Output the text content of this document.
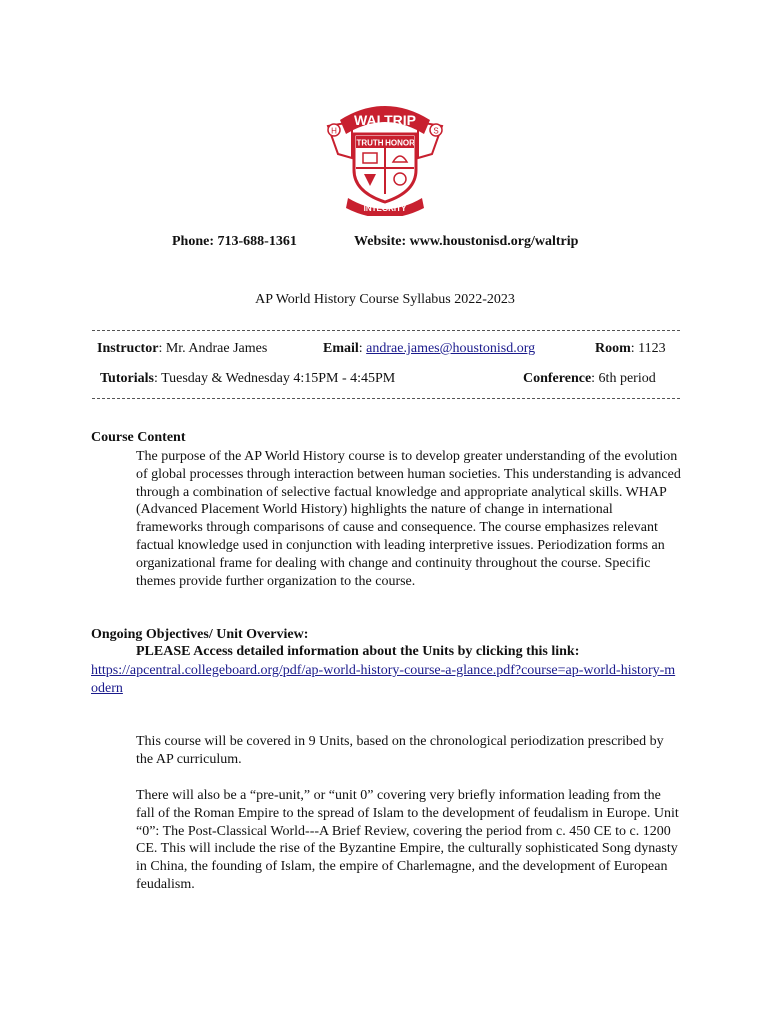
WALTRIP
H	S
TRUTH HONOR
INTEGRITY
Phone: 713-688-1361	Website: www.houstonisd.org/waltrip
AP World History Course Syllabus 2022-2023
Instructor: Mr. Andrae James	Email: andrae.james@houstonisd.org	Room: 1123
Tutorials: Tuesday & Wednesday 4:15PM - 4:45PM	Conference: 6th period
Course Content
The purpose of the AP World History course is to develop greater understanding of the evolution of global processes through interaction between human societies. This understanding is advanced through a combination of selective factual knowledge and appropriate analytical skills. WHAP (Advanced Placement World History) highlights the nature of change in international frameworks through comparisons of cause and consequence. The course emphasizes relevant factual knowledge used in conjunction with leading interpretive issues. Periodization forms an organizational frame for dealing with change and continuity throughout the course. Specific themes provide further organization to the course.
Ongoing Objectives/ Unit Overview:
PLEASE Access detailed information about the Units by clicking this link:
https://apcentral.collegeboard.org/pdf/ap-world-history-course-a-glance.pdf?course=ap-world-history-modern
This course will be covered in 9 Units, based on the chronological periodization prescribed by the AP curriculum.
There will also be a “pre-unit,” or “unit 0” covering very briefly information leading from the fall of the Roman Empire to the spread of Islam to the development of feudalism in Europe. Unit “0”: The Post-Classical World---A Brief Review, covering the period from c. 450 CE to c. 1200 CE. This will include the rise of the Byzantine Empire, the culturally sophisticated Song dynasty in China, the founding of Islam, the empire of Charlemagne, and the development of European feudalism.
